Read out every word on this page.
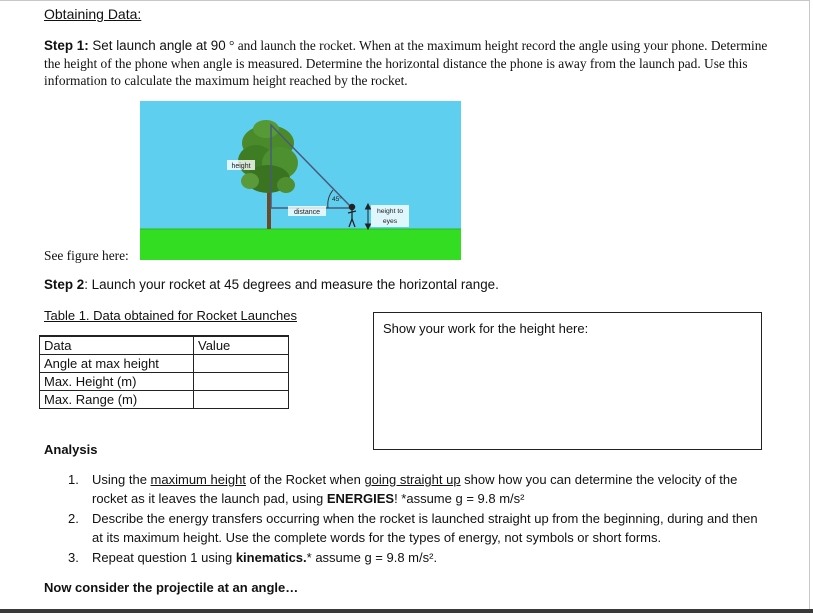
Obtaining Data:
Step 1: Set launch angle at 90 ° and launch the rocket. When at the maximum height record the angle using your phone. Determine the height of the phone when angle is measured. Determine the horizontal distance the phone is away from the launch pad. Use this information to calculate the maximum height reached by the rocket.
height
45°
distance	height to
eyes
See figure here:
Step 2: Launch your rocket at 45 degrees and measure the horizontal range.
Table 1. Data obtained for Rocket Launches
Data	Value
Angle at max height	
Max. Height (m)	
Max. Range (m)	
Show your work for the height here:
Analysis
1. Using the maximum height of the Rocket when going straight up show how you can determine the velocity of the rocket as it leaves the launch pad, using ENERGIES! *assume g = 9.8 m/s²
2. Describe the energy transfers occurring when the rocket is launched straight up from the beginning, during and then at its maximum height. Use the complete words for the types of energy, not symbols or short forms.
3. Repeat question 1 using kinematics.* assume g = 9.8 m/s².
Now consider the projectile at an angle…
